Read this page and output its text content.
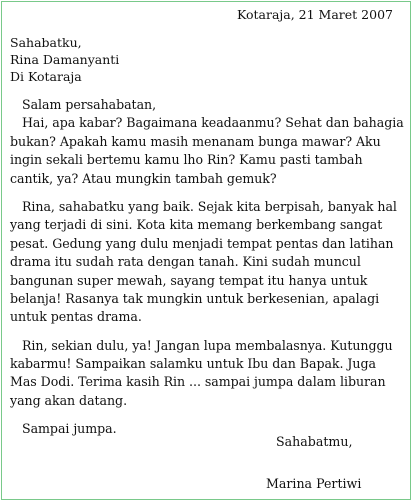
Kotaraja, 21 Maret 2007
Sahabatku,
Rina Damanyanti
Di Kotaraja
Salam persahabatan,
Hai, apa kabar? Bagaimana keadaanmu? Sehat dan bahagia
bukan? Apakah kamu masih menanam bunga mawar? Aku
ingin sekali bertemu kamu lho Rin? Kamu pasti tambah
cantik, ya? Atau mungkin tambah gemuk?
Rina, sahabatku yang baik. Sejak kita berpisah, banyak hal
yang terjadi di sini. Kota kita memang berkembang sangat
pesat. Gedung yang dulu menjadi tempat pentas dan latihan
drama itu sudah rata dengan tanah. Kini sudah muncul
bangunan super mewah, sayang tempat itu hanya untuk
belanja! Rasanya tak mungkin untuk berkesenian, apalagi
untuk pentas drama.
Rin, sekian dulu, ya! Jangan lupa membalasnya. Kutunggu
kabarmu! Sampaikan salamku untuk Ibu dan Bapak. Juga
Mas Dodi. Terima kasih Rin ... sampai jumpa dalam liburan
yang akan datang.
Sampai jumpa.
Sahabatmu,
Marina Pertiwi
